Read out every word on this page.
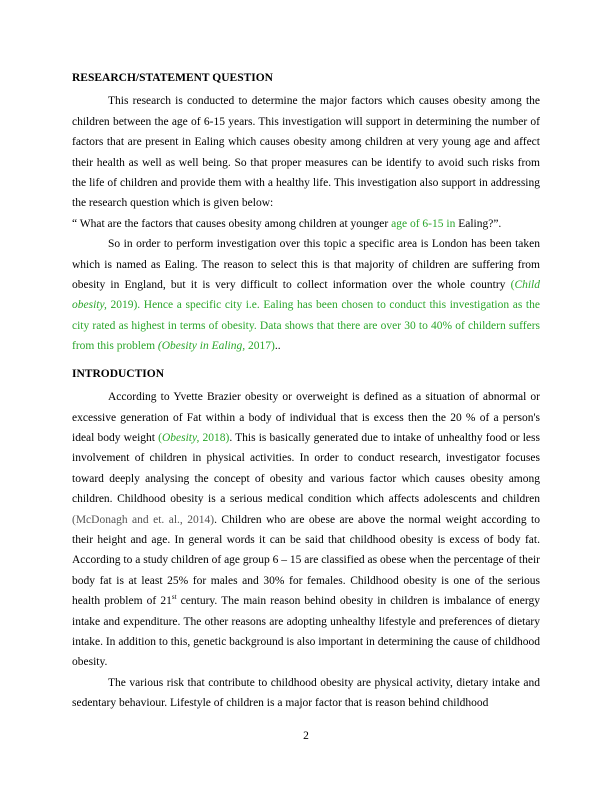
RESEARCH/STATEMENT QUESTION

This research is conducted to determine the major factors which causes obesity among the children between the age of 6-15 years. This investigation will support in determining the number of factors that are present in Ealing which causes obesity among children at very young age and affect their health as well as well being. So that proper measures can be identify to avoid such risks from the life of children and provide them with a healthy life. This investigation also support in addressing the research question which is given below:

“ What are the factors that causes obesity among children at younger age of 6-15 in Ealing?”.

So in order to perform investigation over this topic a specific area is London has been taken which is named as Ealing. The reason to select this is that majority of children are suffering from obesity in England, but it is very difficult to collect information over the whole country (Child obesity, 2019). Hence a specific city i.e. Ealing has been chosen to conduct this investigation as the city rated as highest in terms of obesity. Data shows that there are over 30 to 40% of childern suffers from this problem (Obesity in Ealing, 2017)..

INTRODUCTION

According to Yvette Brazier obesity or overweight is defined as a situation of abnormal or excessive generation of Fat within a body of individual that is excess then the 20 % of a person's ideal body weight (Obesity, 2018). This is basically generated due to intake of unhealthy food or less involvement of children in physical activities. In order to conduct research, investigator focuses toward deeply analysing the concept of obesity and various factor which causes obesity among children. Childhood obesity is a serious medical condition which affects adolescents and children (McDonagh and et. al., 2014). Children who are obese are above the normal weight according to their height and age. In general words it can be said that childhood obesity is excess of body fat. According to a study children of age group 6 – 15 are classified as obese when the percentage of their body fat is at least 25% for males and 30% for females. Childhood obesity is one of the serious health problem of 21st century. The main reason behind obesity in children is imbalance of energy intake and expenditure. The other reasons are adopting unhealthy lifestyle and preferences of dietary intake. In addition to this, genetic background is also important in determining the cause of childhood obesity.

The various risk that contribute to childhood obesity are physical activity, dietary intake and sedentary behaviour. Lifestyle of children is a major factor that is reason behind childhood

2
